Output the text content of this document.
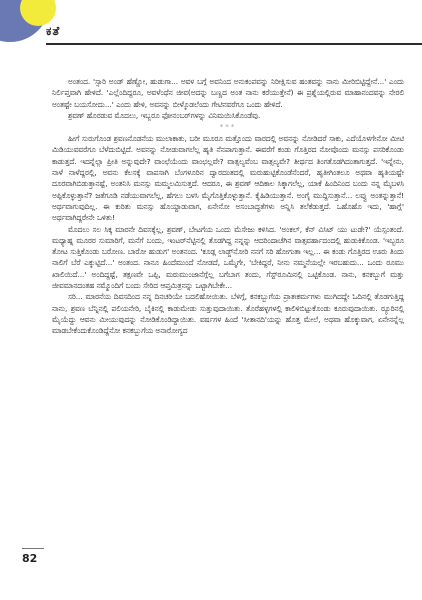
ಕತೆ

ಅಂತಂದ. 'ಸ್ಸಾರಿ ಅಂಡ್ ಹೆಣ್ಣೋ, ಹುಡುಗಾ... ಅವಳ ಬಗ್ಗೆ ಅವನಿಂದ ಅನುಕಂಪವನ್ನು ನಿರೀಕ್ಷಿಸುವ ಹಂತವನ್ನು ನಾನು ಮೀರಿಬಿಟ್ಟಿದ್ದೇನೆ...' ಎಂದು ನಿರ್ಲಿಪ್ತವಾಗಿ ಹೇಳಿದೆ. 'ಎಲ್ಲೆಂದಿದ್ದರೂ, ಅವಳೆಂಥೆನ ಜೀವ(ಅದನ್ನು ಬಣ್ಣದ ಅಂತ ನಾನು ಕರೆಯುತ್ತೇನೆ) ಈ ಪ್ರಶ್ನೆಯಲ್ಲಿರುವ ಮಾಹಾನಂದವನ್ನು ನೇರಲಿ ಅಂತಷ್ಟೇ ಬಯಸೋದು...' ಎಂದು ಹೇಳಿ, ಅವನನ್ನು ಬೀಳ್ಕೊಡಲೆಂದು ಗೇಟಿನವರೆಗೂ ಒಂದು ಹೇಳಿದೆ.

ಶ್ರವಣ್ ಹೊರಡುವ ಮೊದಲು, ಇಬ್ಬರೂ ಫೋನಂಬರ್‌ಗಳನ್ನು ವಿನಿಮಯಿಸಿಕೊಂಡೆವು.

***

ಹೀಗೆ ಸುರುಗೊಂಡ ಶ್ರವಣನೊಡನೆಯ ಮುಲಾಕಾತು, ಬರೀ ಮೂರೂ ಮತ್ತೊಂದು ವಾರದಲ್ಲಿ ಅವನನ್ನು ನೋಡಿದರೆ ಸಾಕು, ಎದೆಯೊಳಗೇನೋ ಮೀಟಿ ಮಿಡಿಯುವವರೆಗೂ ಬೆಳೆದುಬಿಟ್ಟಿದೆ. ಅವನನ್ನು ನೋಡುವಾಗಲೆಲ್ಲ ಹೃತಿ ನೆನಪಾಗುತ್ತಾನೆ. ಈವರೆಗೆ ಕಂಡು ಗೊತ್ತಿರದ ನೋವೊಂದು ಮನಸ್ಸು ಪಸರಿಕೊಂಡು ಕಾಡುತ್ತದೆ. ಇದನ್ನೆಲ್ಲಾ ಪ್ರೀತಿ ಅನ್ನುವುದೇ? ವಾಂಛೆಯೆಂದು ವಾಂಛಲ್ಲವೇ? ವಾತ್ಸಲ್ಯವೆಂಬ ವಾತ್ಸಲ್ಯವೇ? ತೀರ್ಥದ ತಿಂಗತೊಡಗಿದಂತಾಗುತ್ತದೆ. 'ಇನ್ನೇನು, ನಾಳೆ ನಾಳೆದ್ದರಲ್ಲಿ, ಅವನು ಕೆಲಸಕ್ಕೆ ವಾಪಸಾಗಿ ಬೆಂಗಳೂರಿನ ದ್ವಾರದಂತದಲ್ಲಿ ಮರುಹುಟ್ಟಿಕೊಂಡೆನೆಂದರೆ, ಹೃತೀಗಿಂತಲೂ ಅಥವಾ ಹೃತಿಯಷ್ಟೇ ದೂರವಾಗಿಬಿಡುತ್ತಾನಷ್ಟೆ, ಅಂತನಿಸಿ ಮನಸ್ಸು ಮಮ್ಮಲಮಿಸುತ್ತದೆ. ಆದರೂ, ಈ ಶ್ರವಣ್ ಆದಿಕಾಲ ಸಿಕ್ಕಾಗಲೆಲ್ಲ, ಯಾಕೆ ಹಿಂದಿನಿಂದ ಬಂದು ನನ್ನ ಮೈಬಳಸಿ ಅಪ್ಪಿಕೊಳ್ಳುತ್ತಾನೆ? ಜತೆಗೂಡಿ ನಡೆಯುವಾಗಲೆಲ್ಲ, ಹೆಗಲು ಬಳಸಿ ಮೈಗೊತ್ತಿಕೊಳ್ಳುತ್ತಾನೆ. ಕೈಹಿಡಿಯುತ್ತಾನೆ. ಅಂಗೈ ಮುದ್ದಿಸುತ್ತಾನೆ... ಲವ್ವು ಅಂತನ್ನುತ್ತಾನೆ! ಅರ್ಥವಾಗುವುದಿಲ್ಲ. ಈ ಕುರಿತು ಮನಸ್ಸು ಹೊಯ್ದಾಡುವಾಗ, ಏನೇನೋ ಅಸಂಬಾದ್ಧತೆಗಳು ಅನ್ನಿಸಿ ತಲೆಕೆಡುತ್ತದೆ. ಒಹೊಹೊ ಇದು, 'ಹಾಗ್ಲೆ' ಅರ್ಥವಾಗಿದ್ದರೇನೇ ಒಳಿತು!

ಮೊದಲು ಸಲ ಸಿಕ್ಕ ಮಾರನೇ ದಿವಸಕ್ಕೆಲ್ಲ, ಶ್ರವಣ್, ಬೇಟಗೆಯ ಒಂದು ಮೆಸೇಜು ಕಳಿಸಿದ. 'ಅಂಕಲ್, ಕೆನ್ ವಿಸಿಟ್ ಯು ಟುಡೇ?' ಯೆಸ್ಸಂತಂದೆ. ಮಧ್ಯಾಹ್ನ ಮೂರರ ಸುಮಾರಿಗೆ, ಮನೆಗೆ ಬಂದು, ಇಂಟರ್‌ನೆಟ್ಟಿನಲ್ಲಿ ತೊಡಗಿದ್ದ ನನ್ನನ್ನು ಆದರಿಂದಾಚೆಗಿನ ವಾತ್ಸವರ್ಹಾದಂದಲ್ಲಿ ಹುಡುಕಿಕೊಂಡ. 'ಇಬ್ಬರೂ ತೋಟ ಸುತ್ತಿಕೊಂಡು ಬರೋಣ. ಬಾರೋ ಹುಡುಗ' ಅಂತನಂದ. 'ಕೂಡ್ಲ ಲಾಡ್ಜ್‌ನೋರಿ ನನಗೆ ಸರಿ ಹೋಗುತಾ ಇಲ್ಲ... ಈ ಕಂಡು ಗೊತ್ತಿರದ ಊರು ತಿಂದು ನಾಲಿಗೆ ಬೆರೆ ಎಕ್ಕುಟ್ಟಿದೆ...' ಅಂತಂದ. ನಾನೂ ಹಿಂದೆಮುಂದೆ ನೋಡದೆ, ಒಮ್ಮೆಗೇ, 'ಬೇಕಿದ್ದರೆ, ನೀನು ನಮ್ಮನೆಯಲ್ಲೇ ಇರಬಹುದು... ಒಂದು ರೂಮು ಖಾಲಿಯಿದೆ...' ಅಂದಿದ್ದಷ್ಟೆ, ತಕ್ಷಣವೇ ಒಪ್ಪಿ, ಮರುಮುಂಜಾನೆಗ್ಗೆಲ್ಲ ಬಗೆಬಾಗ ತಂದು, ಗೆಸ್ಟ್‌ರೂಮಿನಲ್ಲಿ ಒಟ್ಟಿಕೊಂಡ. ನಾನು, ಕನಕಬ್ಬುಗೆ ಮತ್ತು ಜೀವಮಾನದಂತಹ ನಮ್ಮೊಂದಿಗೆ ಬಂದು ಸೇರಿದ ಆಪ್ತಮಿತ್ರನನ್ನು ಒಟ್ಟಾಗಿಬೇಕೇ...

ಸರಿ... ಮಾರನೆಯ ದಿವಸದಿಂದ ನನ್ನ ದಿನಚರಿಯೇ ಬದಲಿಹೋಯಿತು. ಬೆಳಿಗ್ಗೆ, ಕನಕಬ್ಬುಗೆಯ ಪ್ರಾತಃಕರ್ಮಗಳು ಮುಗಿದದ್ದೇ ಓದಿನಲ್ಲಿ ತೊಡಗುತ್ತಿದ್ದ ನಾನು, ಶ್ರವಣ ಬೆನ್ನಿನಲ್ಲಿ ಪಲಿಯನೇರಿ, ಬೈಕಿನಲ್ಲಿ ಕಾಡುಮೇಡು ಸುತ್ತುವುದಾಯಿತು. ತೊರೆಹಳ್ಳಗಳಲ್ಲಿ ಕಾಲಿಳಿಬಿಟ್ಟುಕೊಂಡು ಕೂರುವುದಾಯಿತು. ರ್‍ಯೂರಿನಲ್ಲಿ ಮೈಯೆದ್ದು ಆವನು ಮೀಯುವುದನ್ನು ನೋಡಿಕೊಂಡಿದ್ದಾಯಿತು. ವರ್ಷಗಳ ಹಿಂದೆ 'ಸೀತಾನದಿ'ಯನ್ನು ಹೊತ್ತ ಮೇಲೆ, ಅಥವಾ ಹೊಕ್ಕುವಾಗ, ಏನೇನನ್ನೆಲ್ಲ ಮಾಡಬೇಕೆಂದುಕೊಂಡಿದ್ದೆನೋ ಕನಕಬ್ಬುಗೆಯ ಅನಾರೋಗ್ಯದ

82
